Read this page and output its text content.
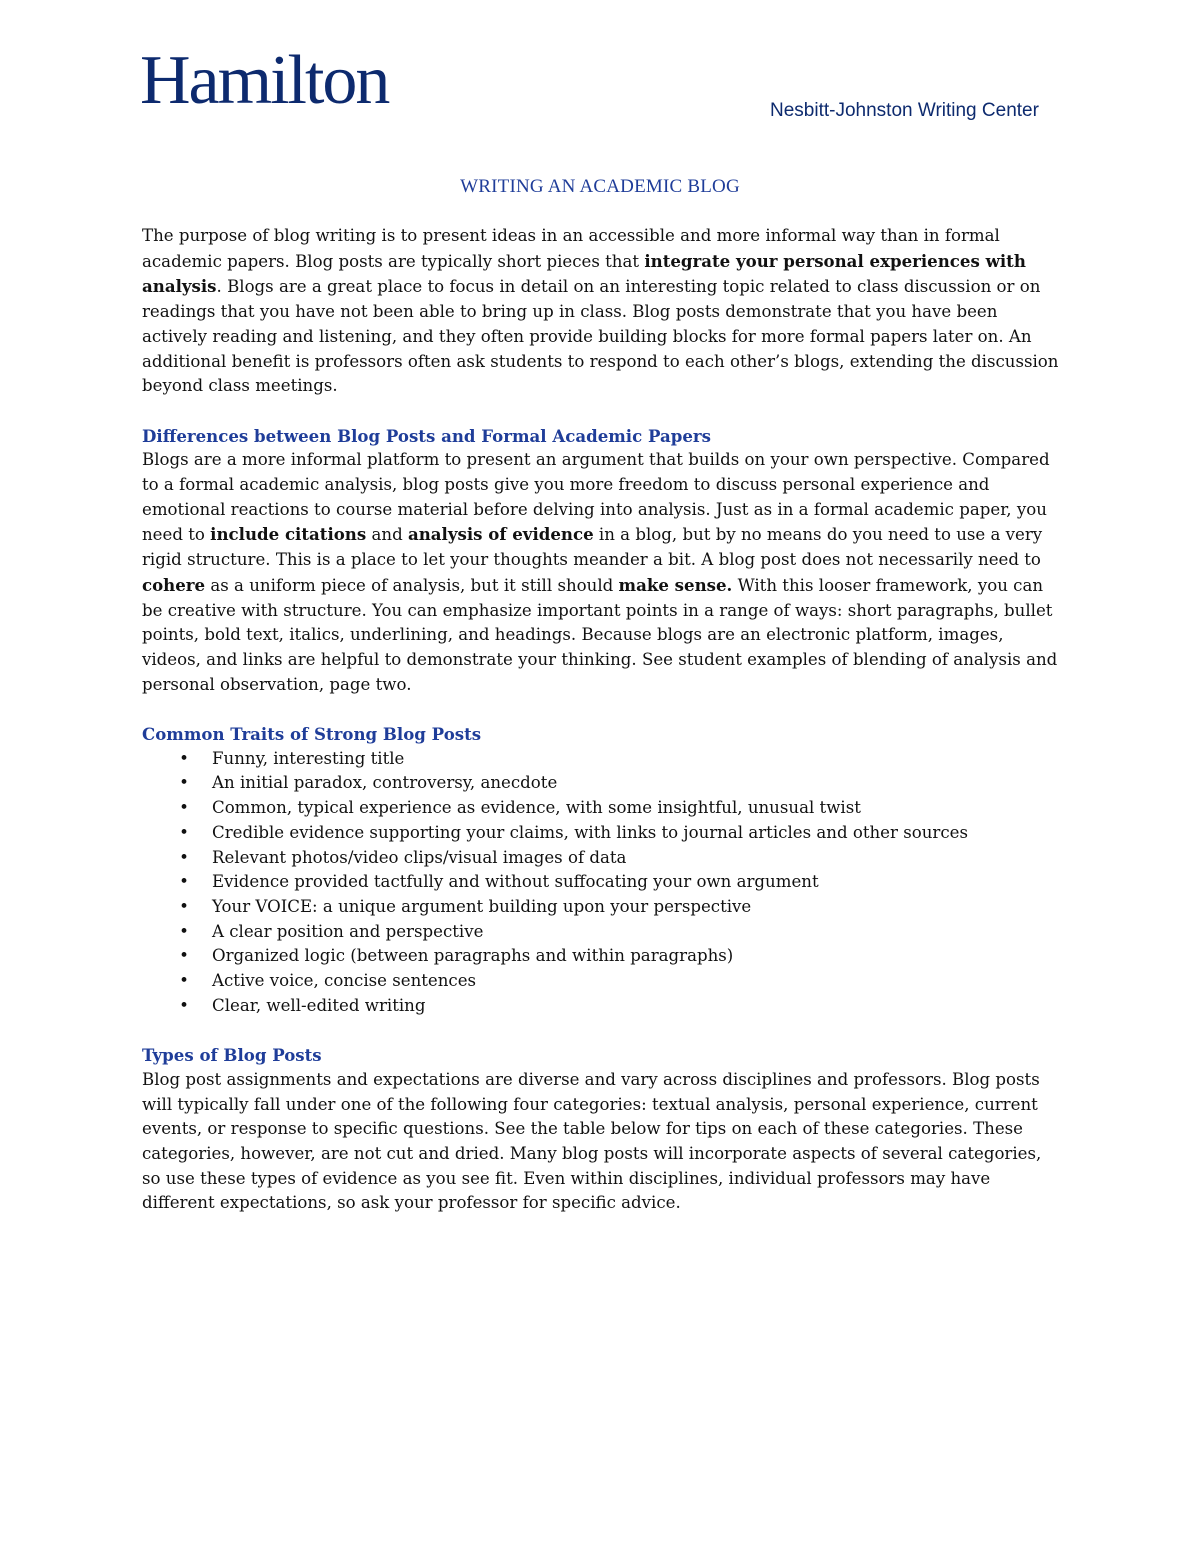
Hamilton	Nesbitt-Johnston Writing Center
WRITING AN ACADEMIC BLOG

The purpose of blog writing is to present ideas in an accessible and more informal way than in formal academic papers. Blog posts are typically short pieces that integrate your personal experiences with analysis. Blogs are a great place to focus in detail on an interesting topic related to class discussion or on readings that you have not been able to bring up in class. Blog posts demonstrate that you have been actively reading and listening, and they often provide building blocks for more formal papers later on. An additional benefit is professors often ask students to respond to each other’s blogs, extending the discussion beyond class meetings.

Differences between Blog Posts and Formal Academic Papers

Blogs are a more informal platform to present an argument that builds on your own perspective. Compared to a formal academic analysis, blog posts give you more freedom to discuss personal experience and emotional reactions to course material before delving into analysis. Just as in a formal academic paper, you need to include citations and analysis of evidence in a blog, but by no means do you need to use a very rigid structure. This is a place to let your thoughts meander a bit. A blog post does not necessarily need to cohere as a uniform piece of analysis, but it still should make sense. With this looser framework, you can be creative with structure. You can emphasize important points in a range of ways: short paragraphs, bullet points, bold text, italics, underlining, and headings. Because blogs are an electronic platform, images, videos, and links are helpful to demonstrate your thinking. See student examples of blending of analysis and personal observation, page two.

Common Traits of Strong Blog Posts

•	Funny, interesting title
•	An initial paradox, controversy, anecdote
•	Common, typical experience as evidence, with some insightful, unusual twist
•	Credible evidence supporting your claims, with links to journal articles and other sources
•	Relevant photos/video clips/visual images of data
•	Evidence provided tactfully and without suffocating your own argument
•	Your VOICE: a unique argument building upon your perspective
•	A clear position and perspective
•	Organized logic (between paragraphs and within paragraphs)
•	Active voice, concise sentences
•	Clear, well-edited writing

Types of Blog Posts

Blog post assignments and expectations are diverse and vary across disciplines and professors. Blog posts will typically fall under one of the following four categories: textual analysis, personal experience, current events, or response to specific questions. See the table below for tips on each of these categories. These categories, however, are not cut and dried. Many blog posts will incorporate aspects of several categories, so use these types of evidence as you see fit. Even within disciplines, individual professors may have different expectations, so ask your professor for specific advice.
